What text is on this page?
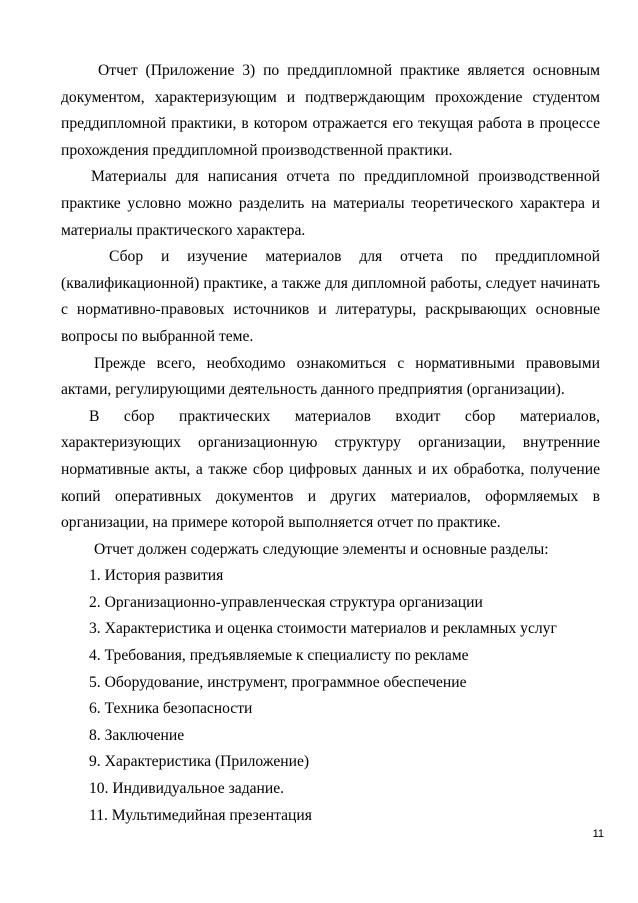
Отчет (Приложение 3) по преддипломной практике является основным документом, характеризующим и подтверждающим прохождение студентом преддипломной практики, в котором отражается его текущая работа в процессе прохождения преддипломной производственной практики.

Материалы для написания отчета по преддипломной производственной практике условно можно разделить на материалы теоретического характера и материалы практического характера.

Сбор и изучение материалов для отчета по преддипломной (квалификационной) практике, а также для дипломной работы, следует начинать с нормативно-правовых источников и литературы, раскрывающих основные вопросы по выбранной теме.

Прежде всего, необходимо ознакомиться с нормативными правовыми актами, регулирующими деятельность данного предприятия (организации).

В сбор практических материалов входит сбор материалов, характеризующих организационную структуру организации, внутренние нормативные акты, а также сбор цифровых данных и их обработка, получение копий оперативных документов и других материалов, оформляемых в организации, на примере которой выполняется отчет по практике.

Отчет должен содержать следующие элементы и основные разделы:

1. История развития
2. Организационно-управленческая структура организации
3. Характеристика и оценка стоимости материалов и рекламных услуг
4. Требования, предъявляемые к специалисту по рекламе
5. Оборудование, инструмент, программное обеспечение
6. Техника безопасности
8. Заключение
9. Характеристика (Приложение)
10. Индивидуальное задание.
11. Мультимедийная презентация
11
